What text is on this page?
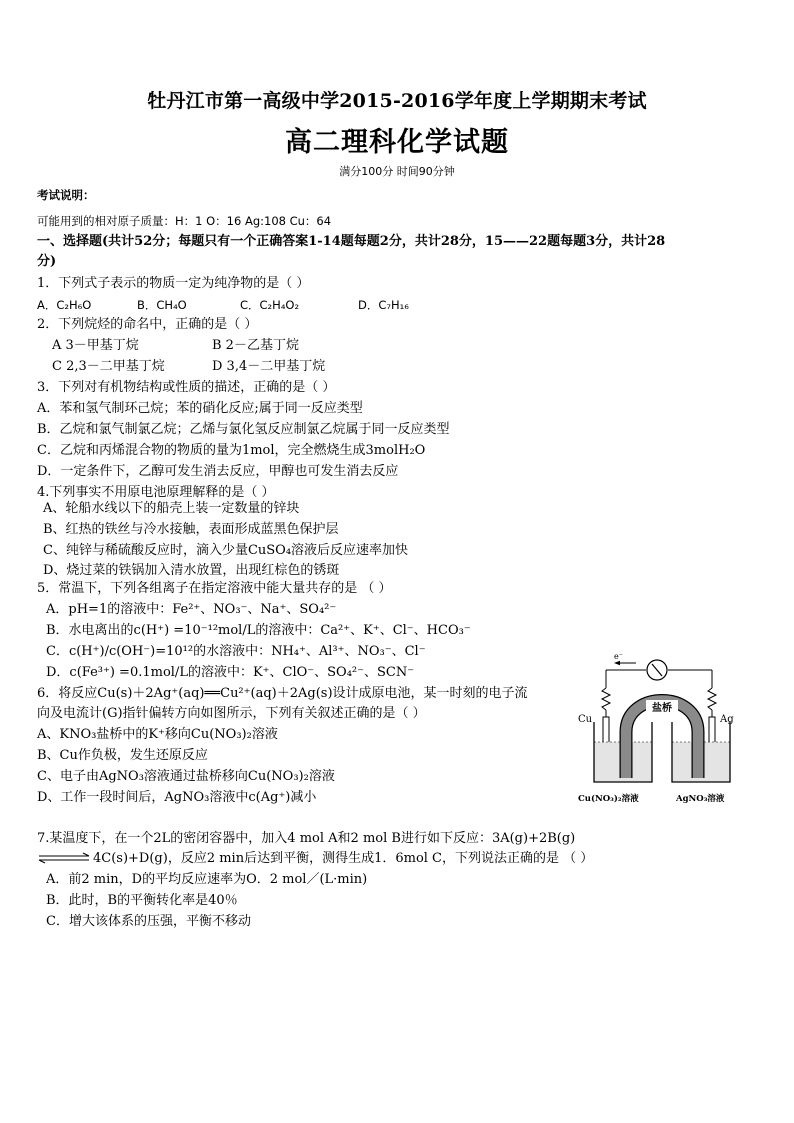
牡丹江市第一高级中学2015-2016学年度上学期期末考试
高二理科化学试题
满分100分 时间90分钟
考试说明：
可能用到的相对原子质量：H：1 O：16 Ag:108 Cu：64
一、选择题(共计52分；每题只有一个正确答案1-14题每题2分，共计28分，15——22题每题3分，共计28
分)
1．下列式子表示的物质一定为纯净物的是（ ）
A．C₂H₆O	B．CH₄O	C．C₂H₄O₂	D．C₇H₁₆
2．下列烷烃的命名中，正确的是（ ）
A 3－甲基丁烷	B 2－乙基丁烷
C 2,3－二甲基丁烷	D 3,4－二甲基丁烷
3．下列对有机物结构或性质的描述，正确的是（ ）
A．苯和氢气制环己烷；苯的硝化反应;属于同一反应类型
B．乙烷和氯气制氯乙烷；乙烯与氯化氢反应制氯乙烷属于同一反应类型
C．乙烷和丙烯混合物的物质的量为1mol，完全燃烧生成3molH₂O
D．一定条件下，乙醇可发生消去反应，甲醇也可发生消去反应
4.下列事实不用原电池原理解释的是（ ）
A、轮船水线以下的船壳上装一定数量的锌块
B、红热的铁丝与冷水接触，表面形成蓝黑色保护层
C、纯锌与稀硫酸反应时，滴入少量CuSO₄溶液后反应速率加快
D、烧过菜的铁锅加入清水放置，出现红棕色的锈斑
5．常温下，下列各组离子在指定溶液中能大量共存的是 （ ）
A．pH=1的溶液中：Fe²⁺、NO₃⁻、Na⁺、SO₄²⁻
B．水电离出的c(H⁺) =10⁻¹²mol/L的溶液中：Ca²⁺、K⁺、Cl⁻、HCO₃⁻
C．c(H⁺)/c(OH⁻)=10¹²的水溶液中：NH₄⁺、Al³⁺、NO₃⁻、Cl⁻
D．c(Fe³⁺) =0.1mol/L的溶液中：K⁺、ClO⁻、SO₄²⁻、SCN⁻
6．将反应Cu(s)＋2Ag⁺(aq)══Cu²⁺(aq)＋2Ag(s)设计成原电池，某一时刻的电子流
向及电流计(G)指针偏转方向如图所示，下列有关叙述正确的是（ ）
A、KNO₃盐桥中的K⁺移向Cu(NO₃)₂溶液
B、Cu作负极，发生还原反应
C、电子由AgNO₃溶液通过盐桥移向Cu(NO₃)₂溶液
D、工作一段时间后，AgNO₃溶液中c(Ag⁺)减小
e⁻
Cu	Ag
盐桥
Cu(NO₃)₂溶液	AgNO₃溶液
7.某温度下，在一个2L的密闭容器中，加入4 mol A和2 mol B进行如下反应：3A(g)+2B(g)
⇌ 4C(s)+D(g)，反应2 min后达到平衡，测得生成1．6mol C，下列说法正确的是 （ ）
A．前2 min，D的平均反应速率为O．2 mol／(L·min)
B．此时，B的平衡转化率是40％
C．增大该体系的压强，平衡不移动
